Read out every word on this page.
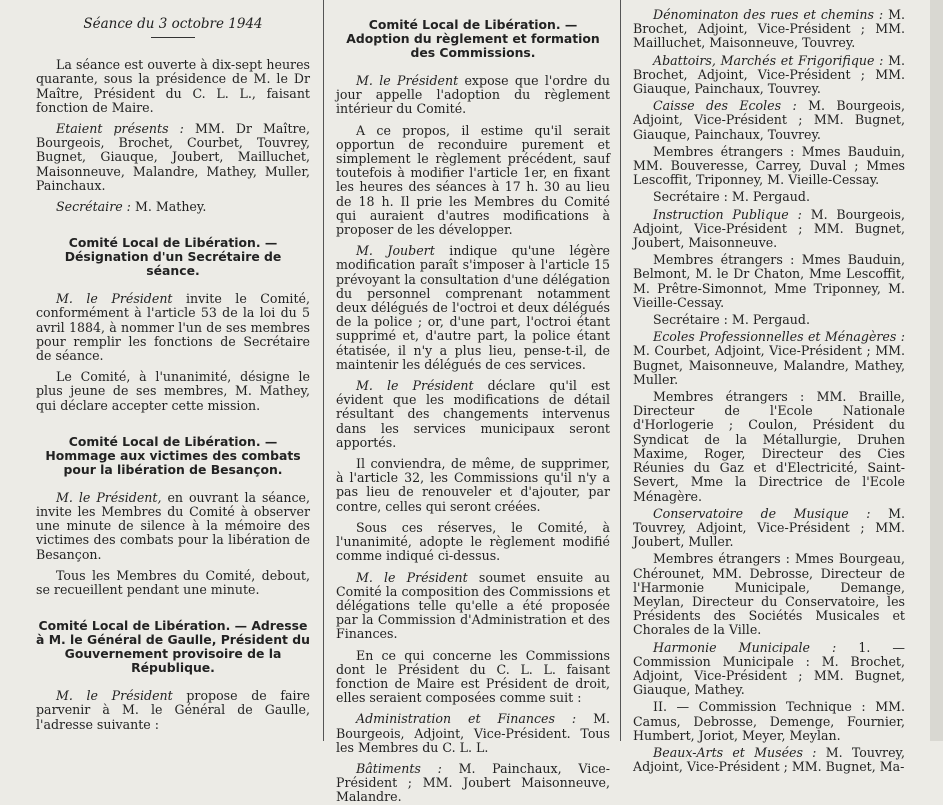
Séance du 3 octobre 1944

La séance est ouverte à dix-sept heures quarante, sous la présidence de M. le Dr Maître, Président du C. L. L., faisant fonction de Maire.

Etaient présents : MM. Dr Maître, Bourgeois, Brochet, Courbet, Touvrey, Bugnet, Giauque, Joubert, Mailluchet, Maisonneuve, Malandre, Mathey, Muller, Painchaux.

Secrétaire : M. Mathey.

Comité Local de Libération. — Désignation d'un Secrétaire de séance.

M. le Président invite le Comité, conformément à l'article 53 de la loi du 5 avril 1884, à nommer l'un de ses membres pour remplir les fonctions de Secrétaire de séance.

Le Comité, à l'unanimité, désigne le plus jeune de ses membres, M. Mathey, qui déclare accepter cette mission.

Comité Local de Libération. — Hommage aux victimes des combats pour la libération de Besançon.

M. le Président, en ouvrant la séance, invite les Membres du Comité à observer une minute de silence à la mémoire des victimes des combats pour la libération de Besançon.

Tous les Membres du Comité, debout, se recueillent pendant une minute.

Comité Local de Libération. — Adresse à M. le Général de Gaulle, Président du Gouvernement provisoire de la République.

M. le Président propose de faire parvenir à M. le Général de Gaulle, l'adresse suivante :

Comité Local de Libération. — Adoption du règlement et formation des Commissions.

M. le Président expose que l'ordre du jour appelle l'adoption du règlement intérieur du Comité.

A ce propos, il estime qu'il serait opportun de reconduire purement et simplement le règlement précédent, sauf toutefois à modifier l'article 1er, en fixant les heures des séances à 17 h. 30 au lieu de 18 h. Il prie les Membres du Comité qui auraient d'autres modifications à proposer de les développer.

M. Joubert indique qu'une légère modification paraît s'imposer à l'article 15 prévoyant la consultation d'une délégation du personnel comprenant notamment deux délégués de l'octroi et deux délégués de la police ; or, d'une part, l'octroi étant supprimé et, d'autre part, la police étant étatisée, il n'y a plus lieu, pense-t-il, de maintenir les délégués de ces services.

M. le Président déclare qu'il est évident que les modifications de détail résultant des changements intervenus dans les services municipaux seront apportés.

Il conviendra, de même, de supprimer, à l'article 32, les Commissions qu'il n'y a pas lieu de renouveler et d'ajouter, par contre, celles qui seront créées.

Sous ces réserves, le Comité, à l'unanimité, adopte le règlement modifié comme indiqué ci-dessus.

M. le Président soumet ensuite au Comité la composition des Commissions et délégations telle qu'elle a été proposée par la Commission d'Administration et des Finances.

En ce qui concerne les Commissions dont le Président du C. L. L. faisant fonction de Maire est Président de droit, elles seraient composées comme suit :

Administration et Finances : M. Bourgeois, Adjoint, Vice-Président. Tous les Membres du C. L. L.

Bâtiments : M. Painchaux, Vice-Président ; MM. Joubert Maisonneuve, Malandre.

Dénominaton des rues et chemins : M. Brochet, Adjoint, Vice-Président ; MM. Mailluchet, Maisonneuve, Touvrey.

Abattoirs, Marchés et Frigorifique : M. Brochet, Adjoint, Vice-Président ; MM. Giauque, Painchaux, Touvrey.

Caisse des Ecoles : M. Bourgeois, Adjoint, Vice-Président ; MM. Bugnet, Giauque, Painchaux, Touvrey.

Membres étrangers : Mmes Bauduin, MM. Bouveresse, Carrey, Duval ; Mmes Lescoffit, Triponney, M. Vieille-Cessay.

Secrétaire : M. Pergaud.

Instruction Publique : M. Bourgeois, Adjoint, Vice-Président ; MM. Bugnet, Joubert, Maisonneuve.

Membres étrangers : Mmes Bauduin, Belmont, M. le Dr Chaton, Mme Lescoffit, M. Prêtre-Simonnot, Mme Triponney, M. Vieille-Cessay.

Secrétaire : M. Pergaud.

Ecoles Professionnelles et Ménagères : M. Courbet, Adjoint, Vice-Président ; MM. Bugnet, Maisonneuve, Malandre, Mathey, Muller.

Membres étrangers : MM. Braille, Directeur de l'Ecole Nationale d'Horlogerie ; Coulon, Président du Syndicat de la Métallurgie, Druhen Maxime, Roger, Directeur des Cies Réunies du Gaz et d'Electricité, Saint-Severt, Mme la Directrice de l'Ecole Ménagère.

Conservatoire de Musique : M. Touvrey, Adjoint, Vice-Président ; MM. Joubert, Muller.

Membres étrangers : Mmes Bourgeau, Chérounet, MM. Debrosse, Directeur de l'Harmonie Municipale, Demange, Meylan, Directeur du Conservatoire, les Présidents des Sociétés Musicales et Chorales de la Ville.

Harmonie Municipale : 1. — Commission Municipale : M. Brochet, Adjoint, Vice-Président ; MM. Bugnet, Giauque, Mathey.

II. — Commission Technique : MM. Camus, Debrosse, Demenge, Fournier, Humbert, Joriot, Meyer, Meylan.

Beaux-Arts et Musées : M. Touvrey, Adjoint, Vice-Président ; MM. Bugnet, Ma-
